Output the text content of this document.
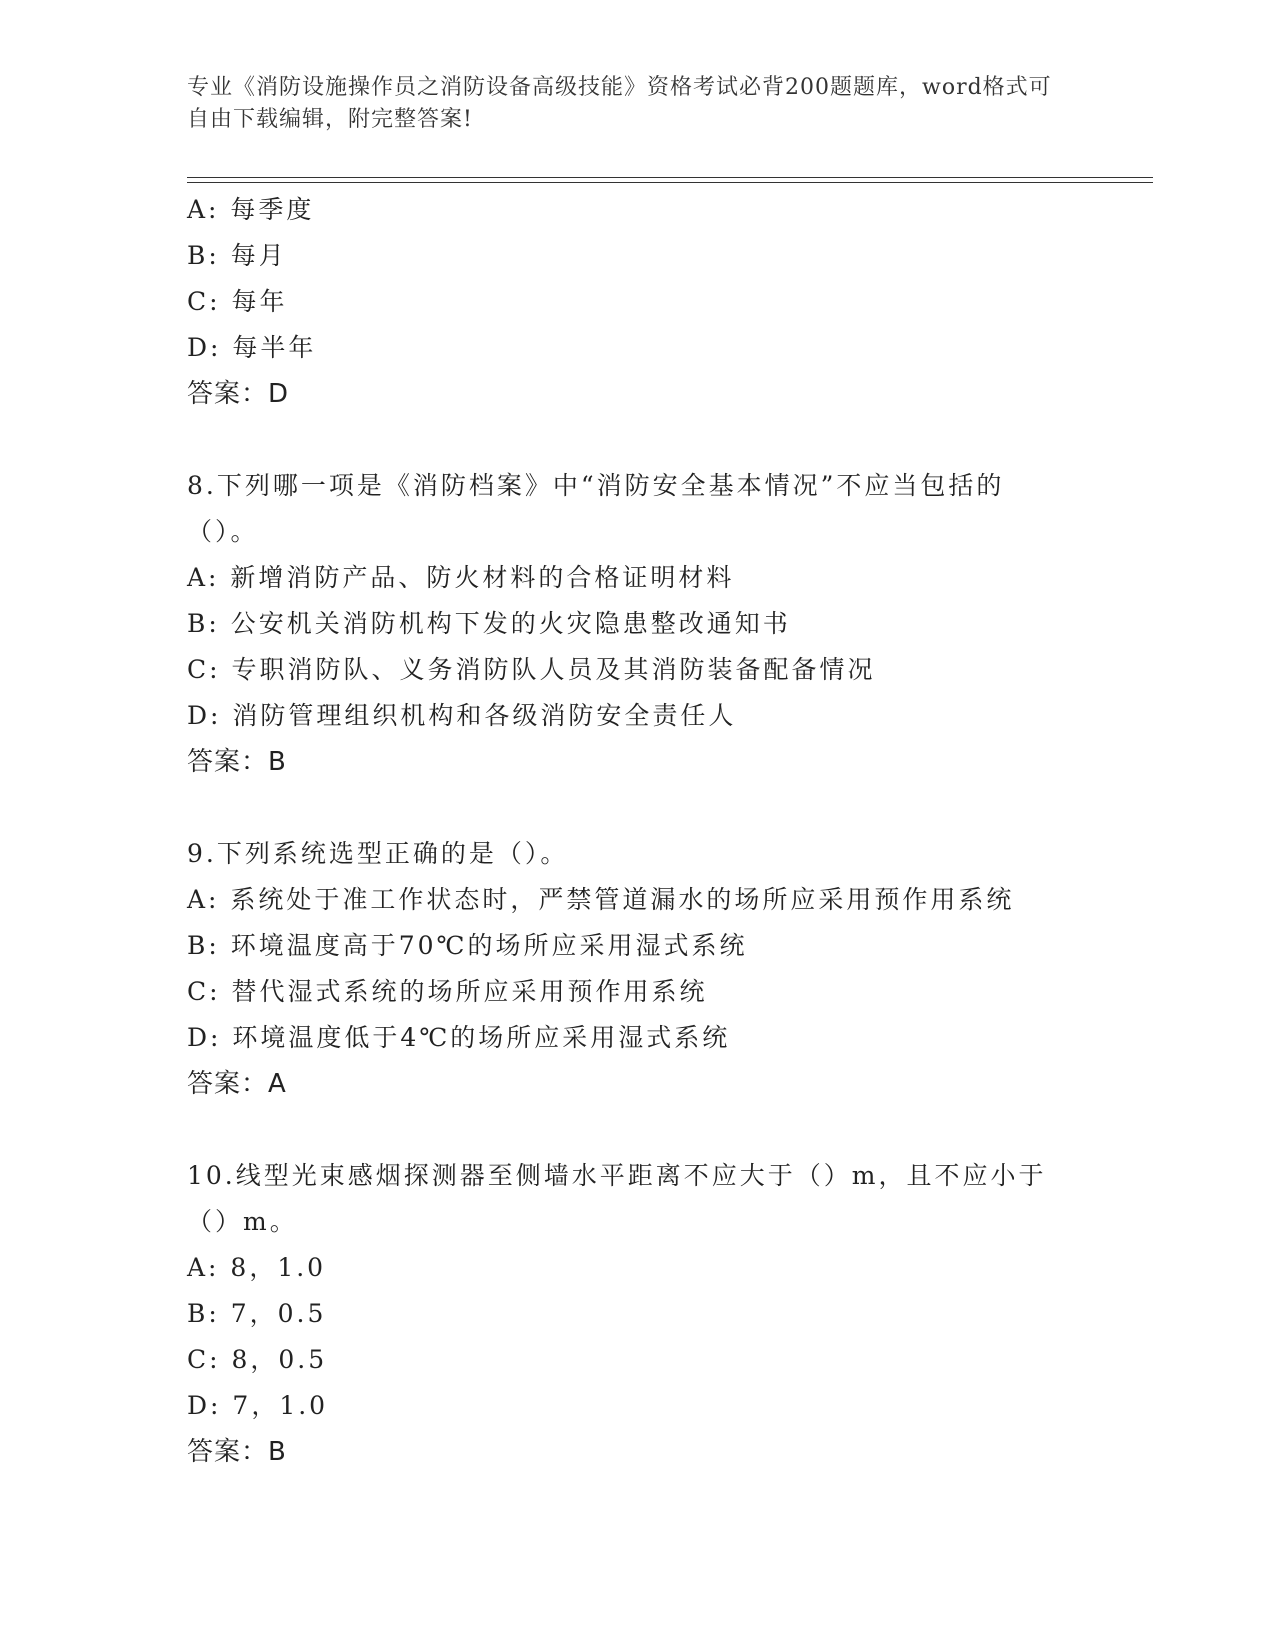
专业《消防设施操作员之消防设备高级技能》资格考试必背200题题库，word格式可自由下载编辑，附完整答案!
A: 每季度
B: 每月
C: 每年
D: 每半年
答案：D
8.下列哪一项是《消防档案》中“消防安全基本情况”不应当包括的
（）。
A: 新增消防产品、防火材料的合格证明材料
B: 公安机关消防机构下发的火灾隐患整改通知书
C: 专职消防队、义务消防队人员及其消防装备配备情况
D: 消防管理组织机构和各级消防安全责任人
答案：B
9.下列系统选型正确的是（）。
A: 系统处于准工作状态时，严禁管道漏水的场所应采用预作用系统
B: 环境温度高于70℃的场所应采用湿式系统
C: 替代湿式系统的场所应采用预作用系统
D: 环境温度低于4℃的场所应采用湿式系统
答案：A
10.线型光束感烟探测器至侧墙水平距离不应大于（）m，且不应小于
（）m。
A: 8，1.0
B: 7，0.5
C: 8，0.5
D: 7，1.0
答案：B
